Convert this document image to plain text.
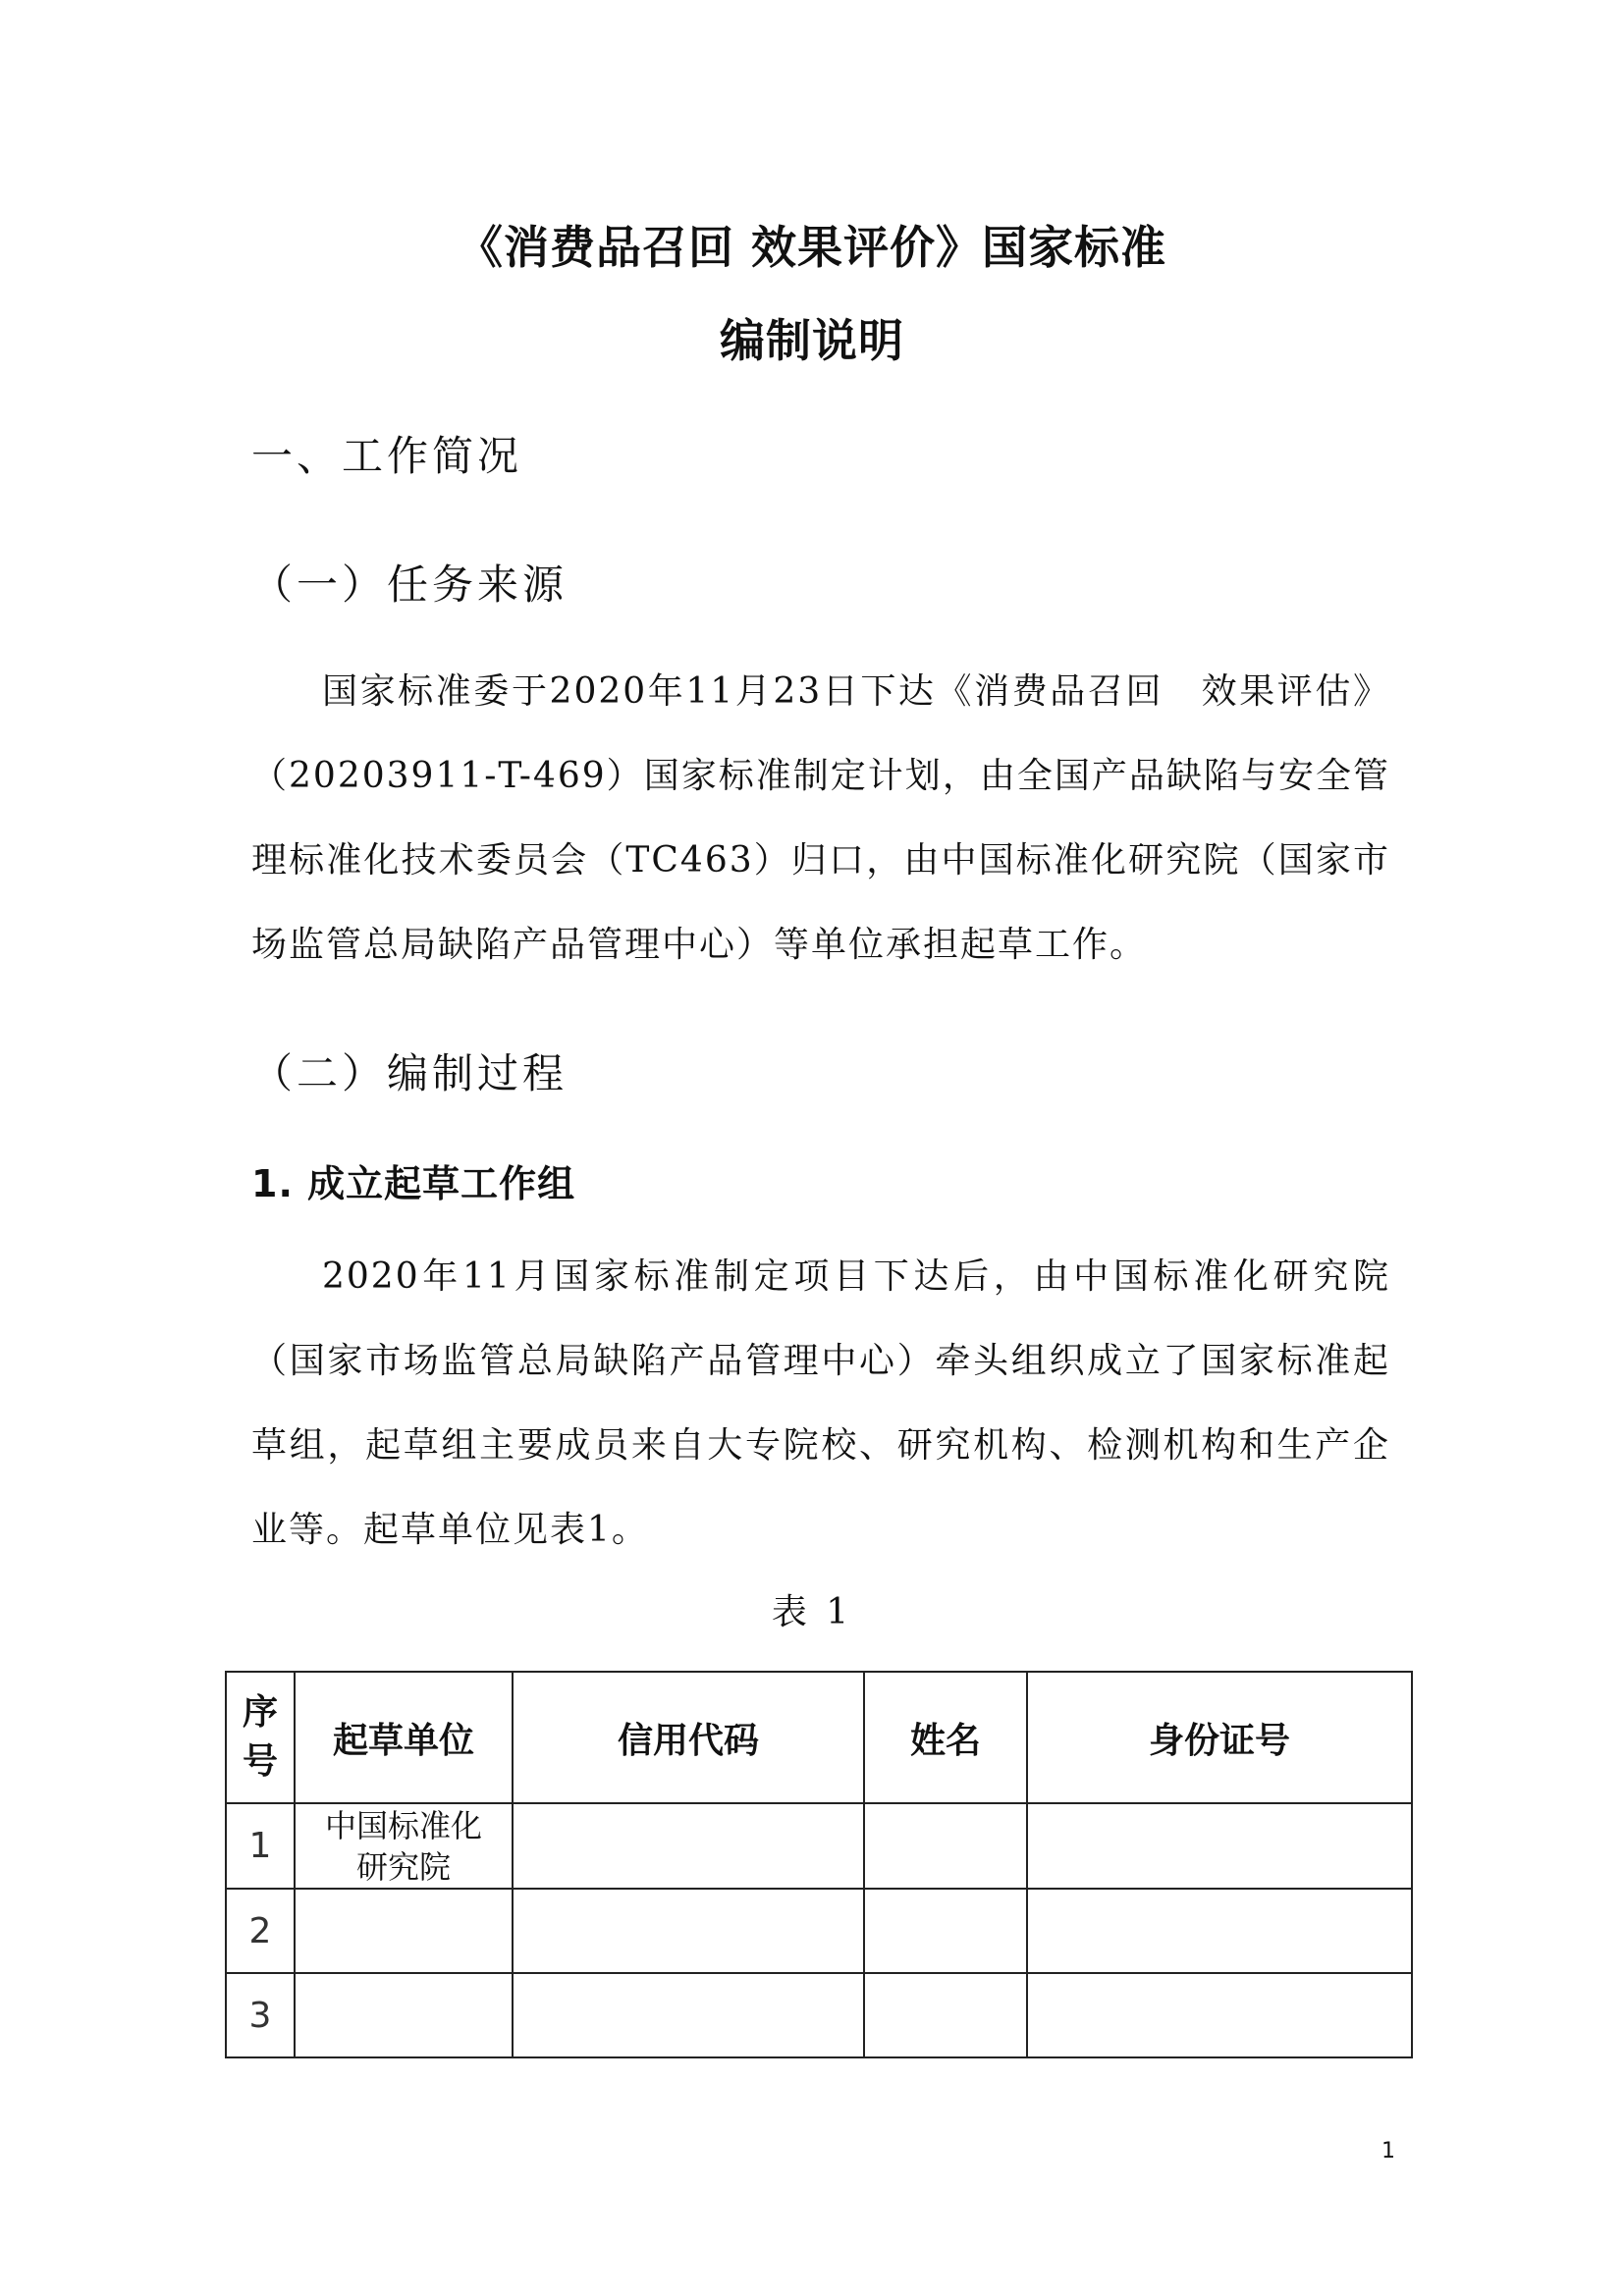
《消费品召回 效果评价》国家标准
编制说明
一、工作简况
（一）任务来源
国家标准委于2020年11月23日下达《消费品召回　效果评估》（20203911-T-469）国家标准制定计划，由全国产品缺陷与安全管理标准化技术委员会（TC463）归口，由中国标准化研究院（国家市场监管总局缺陷产品管理中心）等单位承担起草工作。
（二）编制过程
1. 成立起草工作组
2020年11月国家标准制定项目下达后，由中国标准化研究院（国家市场监管总局缺陷产品管理中心）牵头组织成立了国家标准起草组，起草组主要成员来自大专院校、研究机构、检测机构和生产企业等。起草单位见表1。
表 1
序号	起草单位	信用代码	姓名	身份证号
1	中国标准化研究院			

2				
3				
1
